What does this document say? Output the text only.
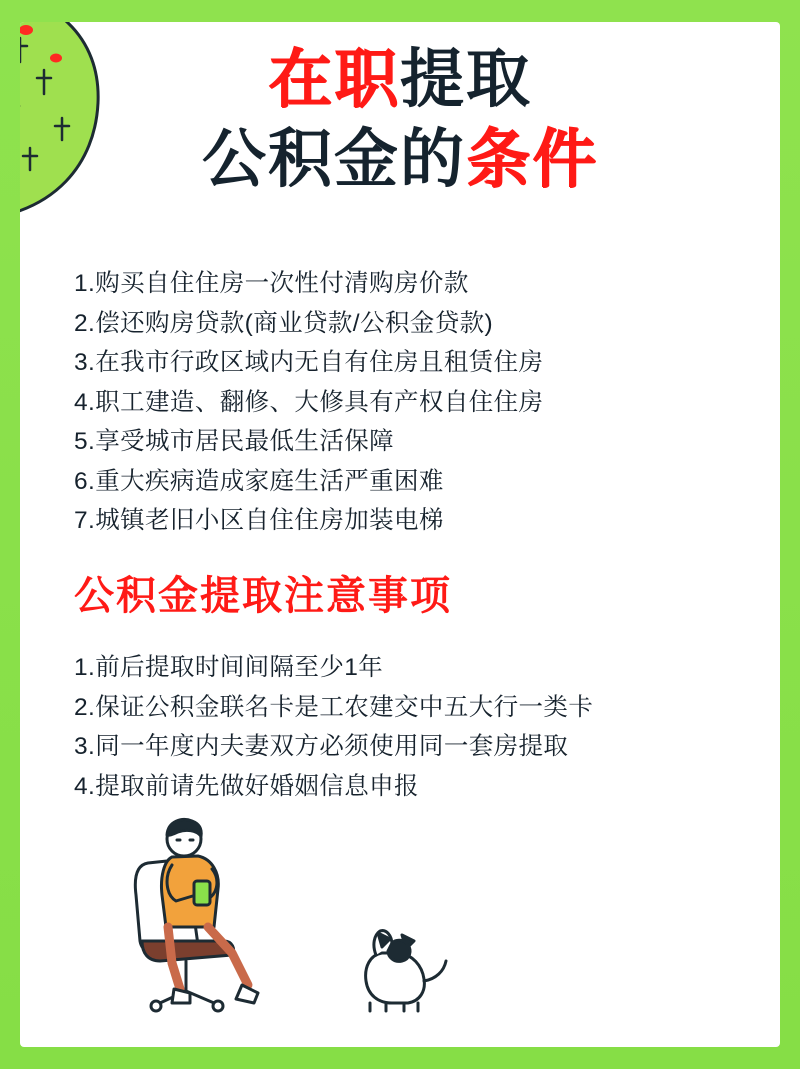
在职提取
公积金的条件
1.购买自住住房一次性付清购房价款
2.偿还购房贷款(商业贷款/公积金贷款)
3.在我市行政区域内无自有住房且租赁住房
4.职工建造、翻修、大修具有产权自住住房
5.享受城市居民最低生活保障
6.重大疾病造成家庭生活严重困难
7.城镇老旧小区自住住房加装电梯
公积金提取注意事项
1.前后提取时间间隔至少1年
2.保证公积金联名卡是工农建交中五大行一类卡
3.同一年度内夫妻双方必须使用同一套房提取
4.提取前请先做好婚姻信息申报
